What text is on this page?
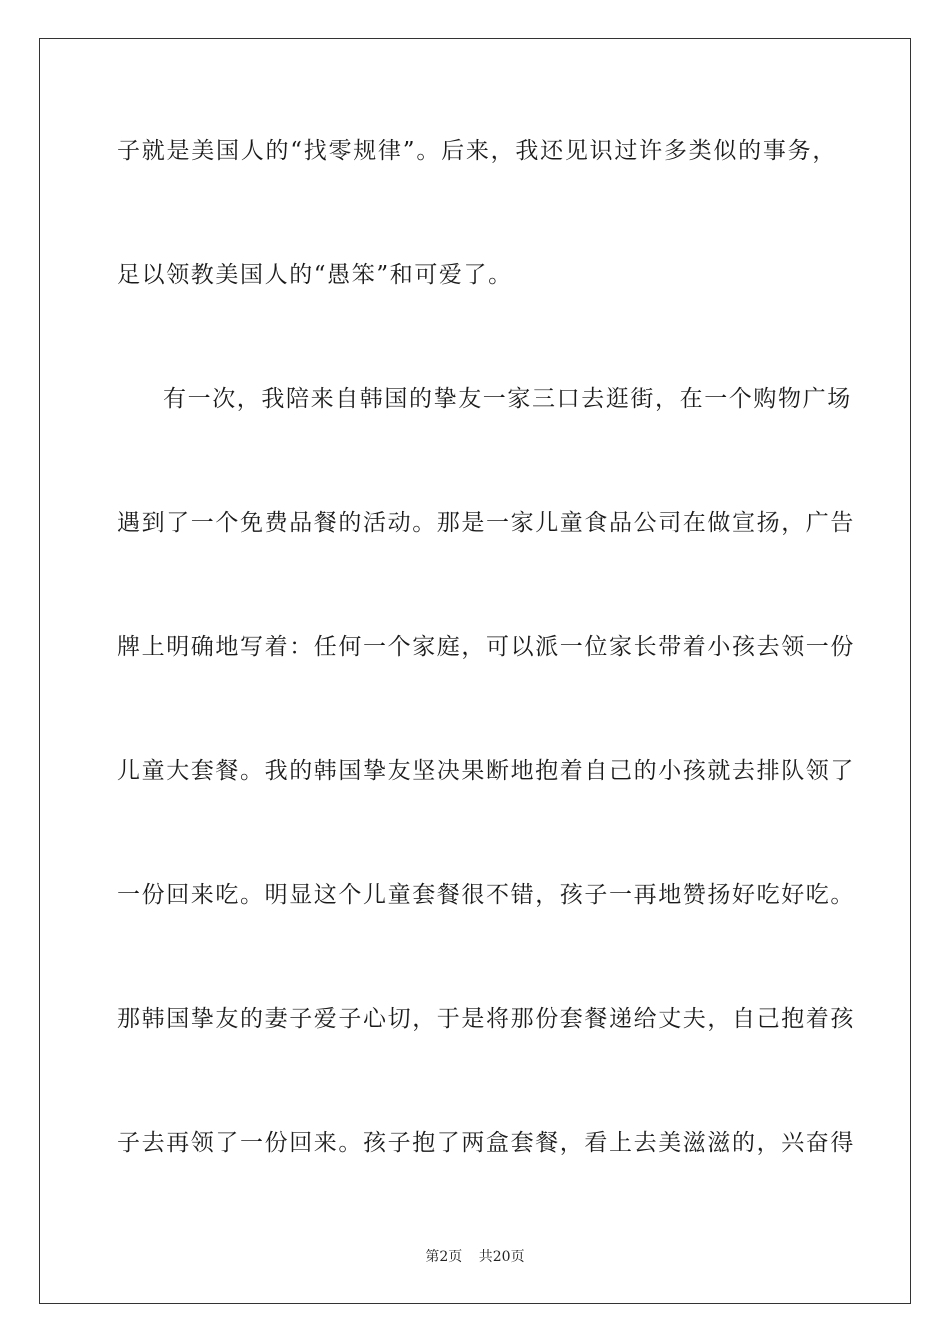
子就是美国人的“找零规律”。后来，我还见识过许多类似的事务，
足以领教美国人的“愚笨”和可爱了。
有一次，我陪来自韩国的挚友一家三口去逛街，在一个购物广场
遇到了一个免费品餐的活动。那是一家儿童食品公司在做宣扬，广告
牌上明确地写着：任何一个家庭，可以派一位家长带着小孩去领一份
儿童大套餐。我的韩国挚友坚决果断地抱着自己的小孩就去排队领了
一份回来吃。明显这个儿童套餐很不错，孩子一再地赞扬好吃好吃。
那韩国挚友的妻子爱子心切，于是将那份套餐递给丈夫，自己抱着孩
子去再领了一份回来。孩子抱了两盒套餐，看上去美滋滋的，兴奋得
第2页 共20页
